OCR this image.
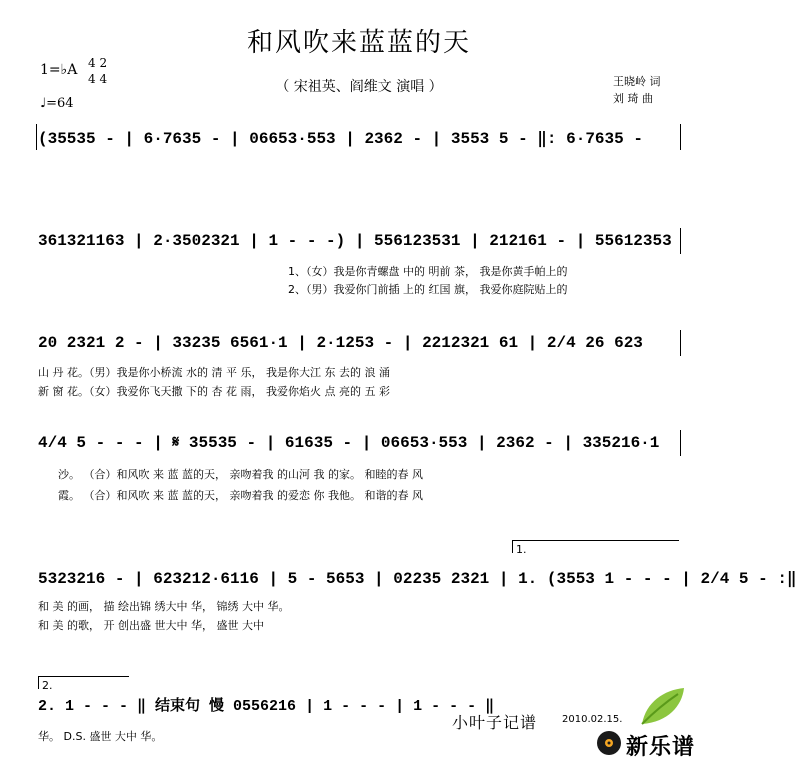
和风吹来蓝蓝的天
（ 宋祖英、阎维文 演唱 ）	王晓岭 词
刘 琦 曲
1=♭A 4 2
4 4
♩=64
(35535 - | 6·7635 - | 06653·553 | 2362 - | 3553 5 - ‖: 6·7635 -
361321163 | 2·3502321 | 1 - - -) | 556123531 | 212161 - | 55612353
1、（女）我是你青螺盘 中的 明前 茶， 我是你黄手帕上的
2、（男）我爱你门前插 上的 红国 旗， 我爱你庭院贴上的
20 2321 2 - | 33235 6561·1 | 2·1253 - | 2212321 61 | 2/4 26 623
山 丹 花。（男）我是你小桥流 水的 清 平 乐， 我是你大江 东 去的 浪 涌
新 窗 花。（女）我爱你飞天撒 下的 杏 花 雨， 我爱你焰火 点 亮的 五 彩
4/4 5 - - - | 𝄋 35535 - | 61635 - | 06653·553 | 2362 - | 335216·1
沙。 （合）和风吹 来 蓝 蓝的天， 亲吻着我 的山河 我 的家。 和睦的春 风
霞。 （合）和风吹 来 蓝 蓝的天， 亲吻着我 的爱恋 你 我他。 和谐的春 风
1.
5323216 - | 623212·6116 | 5 - 5653 | 02235 2321 | 1. (3553 1 - - - | 2/4 5 - :‖
和 美 的画， 描 绘出锦 绣大中 华， 锦绣 大中 华。
和 美 的歌， 开 创出盛 世大中 华， 盛世 大中
2.
2. 1 - - - ‖ 结束句 慢 0556216 | 1 - - - | 1 - - - ‖
华。 D.S. 盛世 大中 华。
小叶子记谱 2010.02.15.
新乐谱
